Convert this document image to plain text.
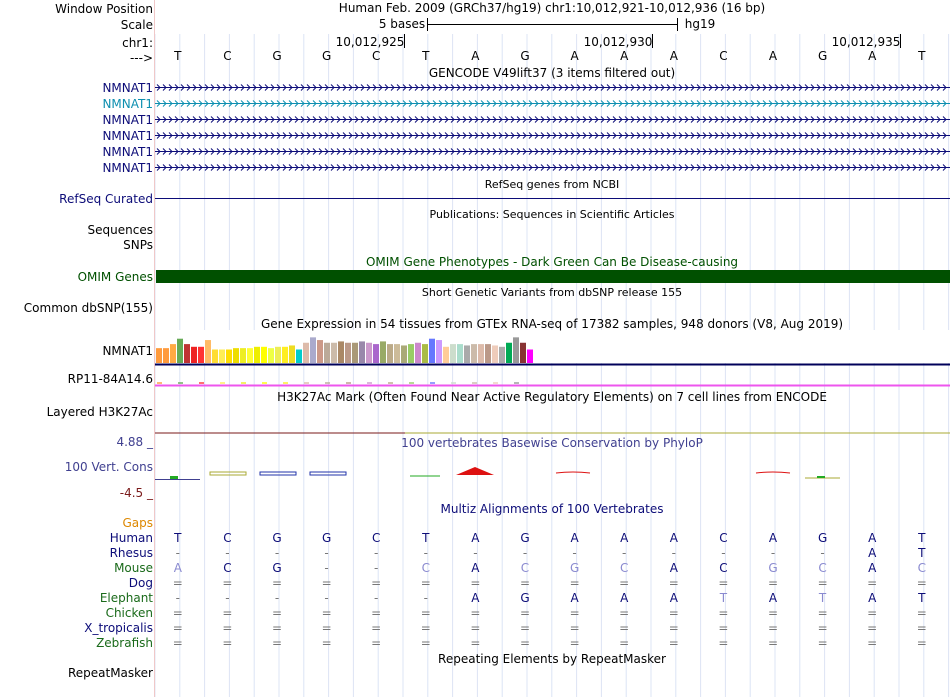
Window Position	Human Feb. 2009 (GRCh37/hg19) chr1:10,012,921-10,012,936 (16 bp)
Scale	5 bases	hg19
chr1:	10,012,925	10,012,930	10,012,935
---> T	C	G	G	C	T	A	G	A	A	A	C	A	G	A	T
GENCODE V49lift37 (3 items filtered out)
NMNAT1
NMNAT1
NMNAT1
NMNAT1
NMNAT1
NMNAT1
RefSeq genes from NCBI
RefSeq Curated
Publications: Sequences in Scientific Articles
Sequences
SNPs
OMIM Gene Phenotypes - Dark Green Can Be Disease-causing
OMIM Genes
Short Genetic Variants from dbSNP release 155
Common dbSNP(155)
Gene Expression in 54 tissues from GTEx RNA-seq of 17382 samples, 948 donors (V8, Aug 2019)
NMNAT1
RP11-84A14.6
H3K27Ac Mark (Often Found Near Active Regulatory Elements) on 7 cell lines from ENCODE
Layered H3K27Ac
4.88 _	100 vertebrates Basewise Conservation by PhyloP
100 Vert. Cons
-4.5 _
Multiz Alignments of 100 Vertebrates
Gaps
Human T	C	G	G	C	T	A	G	A	A	A	C	A	G	A	T
Rhesus -	-	-	-	-	-	-	-	-	-	-	-	-	-	A	T
Mouse A	C	G	-	-	C	A	C	G	C	A	C	G	C	A	C
Dog =	=	=	=	=	=	=	=	=	=	=	=	=	=	=	=
Elephant -	-	-	-	-	-	A	G	A	A	A	T	A	T	A	T
Chicken =	=	=	=	=	=	=	=	=	=	=	=	=	=	=	=
X_tropicalis =	=	=	=	=	=	=	=	=	=	=	=	=	=	=	=
Zebrafish =	=	=	=	=	=	=	=	=	=	=	=	=	=	=	=
Repeating Elements by RepeatMasker
RepeatMasker
